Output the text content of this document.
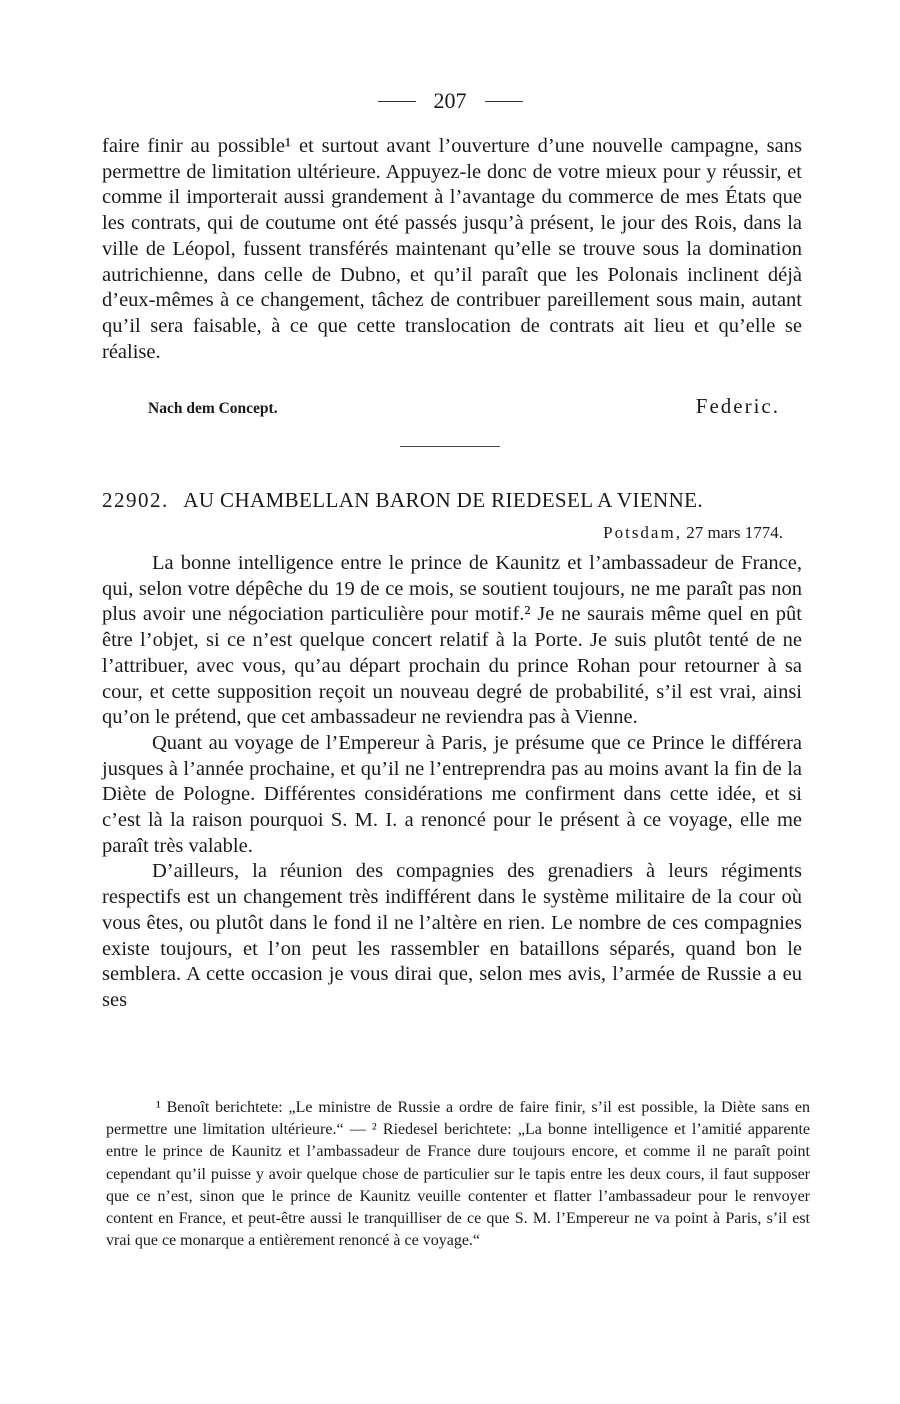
207

faire finir au possible¹ et surtout avant l’ouverture d’une nouvelle campagne, sans permettre de limitation ultérieure. Appuyez-le donc de votre mieux pour y réussir, et comme il importerait aussi grandement à l’avantage du commerce de mes États que les contrats, qui de coutume ont été passés jusqu’à présent, le jour des Rois, dans la ville de Léopol, fussent transférés maintenant qu’elle se trouve sous la domination autrichienne, dans celle de Dubno, et qu’il paraît que les Polonais inclinent déjà d’eux-mêmes à ce changement, tâchez de contribuer pareillement sous main, autant qu’il sera faisable, à ce que cette translocation de contrats ait lieu et qu’elle se réalise.

Nach dem Concept.	Federic.
22902. AU CHAMBELLAN BARON DE RIEDESEL A VIENNE.
Potsdam, 27 mars 1774.

La bonne intelligence entre le prince de Kaunitz et l’ambassadeur de France, qui, selon votre dépêche du 19 de ce mois, se soutient toujours, ne me paraît pas non plus avoir une négociation particulière pour motif.² Je ne saurais même quel en pût être l’objet, si ce n’est quelque concert relatif à la Porte. Je suis plutôt tenté de ne l’attribuer, avec vous, qu’au départ prochain du prince Rohan pour retourner à sa cour, et cette supposition reçoit un nouveau degré de probabilité, s’il est vrai, ainsi qu’on le prétend, que cet ambassadeur ne reviendra pas à Vienne.

Quant au voyage de l’Empereur à Paris, je présume que ce Prince le différera jusques à l’année prochaine, et qu’il ne l’entreprendra pas au moins avant la fin de la Diète de Pologne. Différentes considérations me confirment dans cette idée, et si c’est là la raison pourquoi S. M. I. a renoncé pour le présent à ce voyage, elle me paraît très valable.

D’ailleurs, la réunion des compagnies des grenadiers à leurs régiments respectifs est un changement très indifférent dans le système militaire de la cour où vous êtes, ou plutôt dans le fond il ne l’altère en rien. Le nombre de ces compagnies existe toujours, et l’on peut les rassembler en bataillons séparés, quand bon le semblera. A cette occasion je vous dirai que, selon mes avis, l’armée de Russie a eu ses

¹ Benoît berichtete: „Le ministre de Russie a ordre de faire finir, s’il est possible, la Diète sans en permettre une limitation ultérieure.“ — ² Riedesel berichtete: „La bonne intelligence et l’amitié apparente entre le prince de Kaunitz et l’ambassadeur de France dure toujours encore, et comme il ne paraît point cependant qu’il puisse y avoir quelque chose de particulier sur le tapis entre les deux cours, il faut supposer que ce n’est, sinon que le prince de Kaunitz veuille contenter et flatter l’ambassadeur pour le renvoyer content en France, et peut-être aussi le tranquilliser de ce que S. M. l’Empereur ne va point à Paris, s’il est vrai que ce monarque a entièrement renoncé à ce voyage.“
